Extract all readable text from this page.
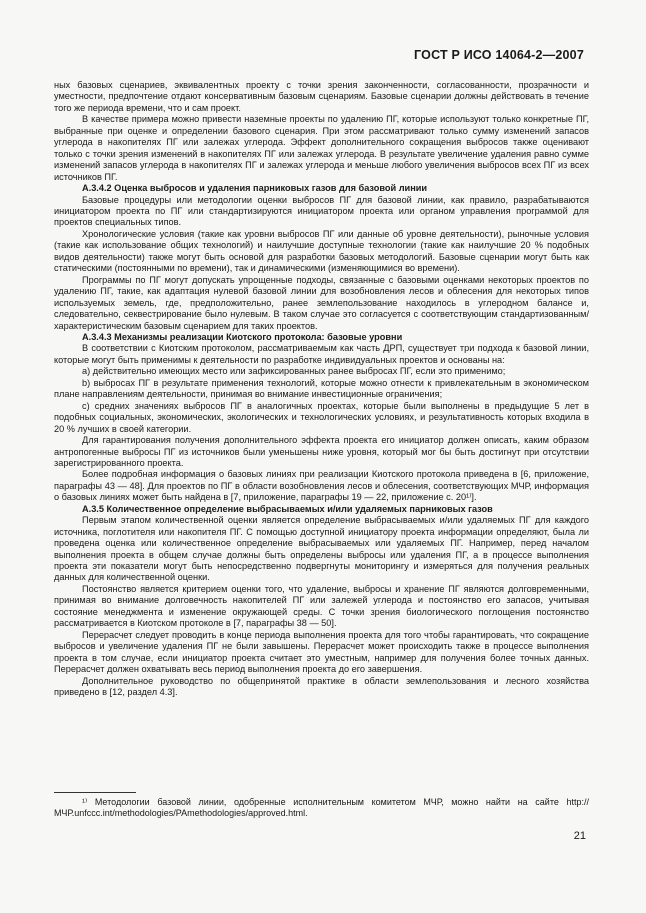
ГОСТ Р ИСО 14064-2—2007

ных базовых сценариев, эквивалентных проекту с точки зрения законченности, согласованности, прозрачности и уместности, предпочтение отдают консервативным базовым сценариям. Базовые сценарии должны действовать в течение того же периода времени, что и сам проект.

В качестве примера можно привести наземные проекты по удалению ПГ, которые используют только конкретные ПГ, выбранные при оценке и определении базового сценария. При этом рассматривают только сумму изменений запасов углерода в накопителях ПГ или залежах углерода. Эффект дополнительного сокращения выбросов также оценивают только с точки зрения изменений в накопителях ПГ или залежах углерода. В результате увеличение удаления равно сумме изменений запасов углерода в накопителях ПГ и залежах углерода и меньше любого увеличения выбросов всех ПГ из всех источников ПГ.

А.3.4.2 Оценка выбросов и удаления парниковых газов для базовой линии

Базовые процедуры или методологии оценки выбросов ПГ для базовой линии, как правило, разрабатываются инициатором проекта по ПГ или стандартизируются инициатором проекта или органом управления программой для проектов специальных типов.

Хронологические условия (такие как уровни выбросов ПГ или данные об уровне деятельности), рыночные условия (такие как использование общих технологий) и наилучшие доступные технологии (такие как наилучшие 20 % подобных видов деятельности) также могут быть основой для разработки базовых методологий. Базовые сценарии могут быть как статическими (постоянными по времени), так и динамическими (изменяющимися во времени).

Программы по ПГ могут допускать упрощенные подходы, связанные с базовыми оценками некоторых проектов по удалению ПГ, такие, как адаптация нулевой базовой линии для возобновления лесов и облесения для некоторых типов используемых земель, где, предположительно, ранее землепользование находилось в углеродном балансе и, следовательно, секвестрирование было нулевым. В таком случае это согласуется с соответствующим стандартизованным/характеристическим базовым сценарием для таких проектов.

А.3.4.3 Механизмы реализации Киотского протокола: базовые уровни

В соответствии с Киотским протоколом, рассматриваемым как часть ДРП, существует три подхода к базовой линии, которые могут быть применимы к деятельности по разработке индивидуальных проектов и основаны на:

а) действительно имеющих место или зафиксированных ранее выбросах ПГ, если это применимо;

b) выбросах ПГ в результате применения технологий, которые можно отнести к привлекательным в экономическом плане направлениям деятельности, принимая во внимание инвестиционные ограничения;

с) средних значениях выбросов ПГ в аналогичных проектах, которые были выполнены в предыдущие 5 лет в подобных социальных, экономических, экологических и технологических условиях, и результативность которых входила в 20 % лучших в своей категории.

Для гарантирования получения дополнительного эффекта проекта его инициатор должен описать, каким образом антропогенные выбросы ПГ из источников были уменьшены ниже уровня, который мог бы быть достигнут при отсутствии зарегистрированного проекта.

Более подробная информация о базовых линиях при реализации Киотского протокола приведена в [6, приложение, параграфы 43 — 48]. Для проектов по ПГ в области возобновления лесов и облесения, соответствующих МЧР, информация о базовых линиях может быть найдена в [7, приложение, параграфы 19 — 22, приложение с. 20¹⁾].

А.3.5 Количественное определение выбрасываемых и/или удаляемых парниковых газов

Первым этапом количественной оценки является определение выбрасываемых и/или удаляемых ПГ для каждого источника, поглотителя или накопителя ПГ. С помощью доступной инициатору проекта информации определяют, была ли проведена оценка или количественное определение выбрасываемых или удаляемых ПГ. Например, перед началом выполнения проекта в общем случае должны быть определены выбросы или удаления ПГ, а в процессе выполнения проекта эти показатели могут быть непосредственно подвергнуты мониторингу и измеряться для получения реальных данных для количественной оценки.

Постоянство является критерием оценки того, что удаление, выбросы и хранение ПГ являются долговременными, принимая во внимание долговечность накопителей ПГ или залежей углерода и постоянство его запасов, учитывая состояние менеджмента и изменение окружающей среды. С точки зрения биологического поглощения постоянство рассматривается в Киотском протоколе в [7, параграфы 38 — 50].

Перерасчет следует проводить в конце периода выполнения проекта для того чтобы гарантировать, что сокращение выбросов и увеличение удаления ПГ не были завышены. Перерасчет может происходить также в процессе выполнения проекта в том случае, если инициатор проекта считает это уместным, например для получения более точных данных. Перерасчет должен охватывать весь период выполнения проекта до его завершения.

Дополнительное руководство по общепринятой практике в области землепользования и лесного хозяйства приведено в [12, раздел 4.3].

¹⁾ Методологии базовой линии, одобренные исполнительным комитетом МЧР, можно найти на сайте http://МЧР.unfccc.int/methodologies/PAmethodologies/approved.html.
21
